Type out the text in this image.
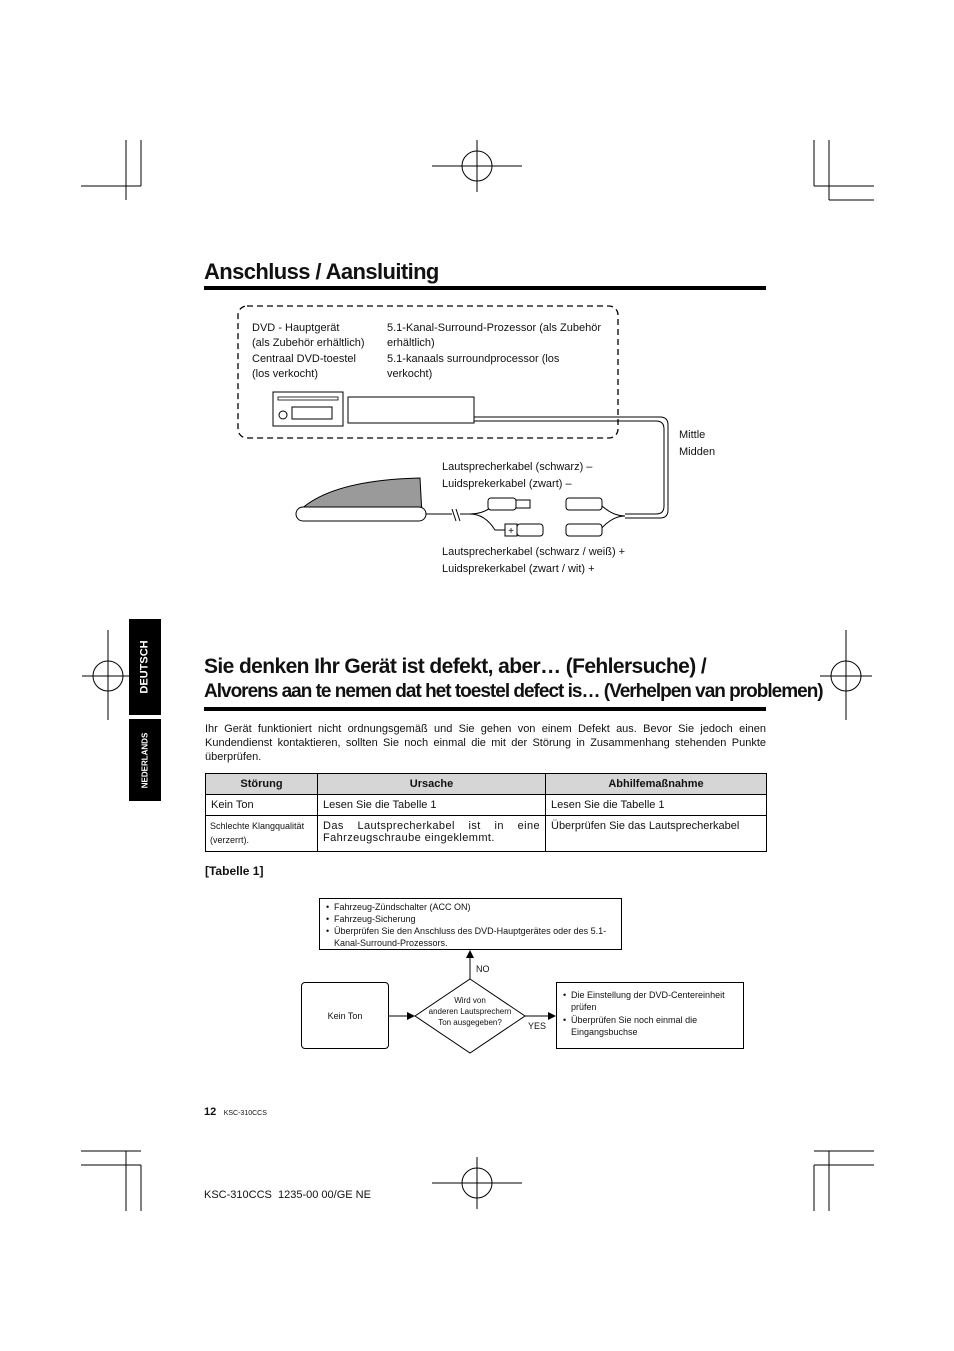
Anschluss / Aansluiting
+
DVD - Hauptgerät
(als Zubehör erhältlich)
Centraal DVD-toestel
(los verkocht)
5.1-Kanal-Surround-Prozessor (als Zubehör
erhältlich)
5.1-kanaals surroundprocessor (los
verkocht)
Mittle
Midden
Lautsprecherkabel (schwarz) –
Luidsprekerkabel (zwart) –
Lautsprecherkabel (schwarz / weiß) +
Luidsprekerkabel (zwart / wit) +
DEUTSCH
NEDERLANDS
Sie denken Ihr Gerät ist defekt, aber… (Fehlersuche) /
Alvorens aan te nemen dat het toestel defect is… (Verhelpen van problemen)
Ihr Gerät funktioniert nicht ordnungsgemäß und Sie gehen von einem Defekt aus. Bevor Sie jedoch einen Kundendienst kontaktieren, sollten Sie noch einmal die mit der Störung in Zusammenhang stehenden Punkte überprüfen.
Störung	Ursache	Abhilfemaßnahme
Kein Ton	Lesen Sie die Tabelle 1	Lesen Sie die Tabelle 1
Schlechte Klangqualität (verzerrt).	Das Lautsprecherkabel ist in eine Fahrzeugschraube eingeklemmt.	Überprüfen Sie das Lautsprecherkabel
[Tabelle 1]
• Fahrzeug-Zündschalter (ACC ON)
• Fahrzeug-Sicherung
• Überprüfen Sie den Anschluss des DVD-Hauptgerätes oder des 5.1-Kanal-Surround-Prozessors.
NO
YES
Kein Ton
Wird von
anderen Lautsprechern
Ton ausgegeben?
• Die Einstellung der DVD-Centereinheit prüfen
• Überprüfen Sie noch einmal die Eingangsbuchse
12 KSC-310CCS
KSC-310CCS  1235-00 00/GE NE
